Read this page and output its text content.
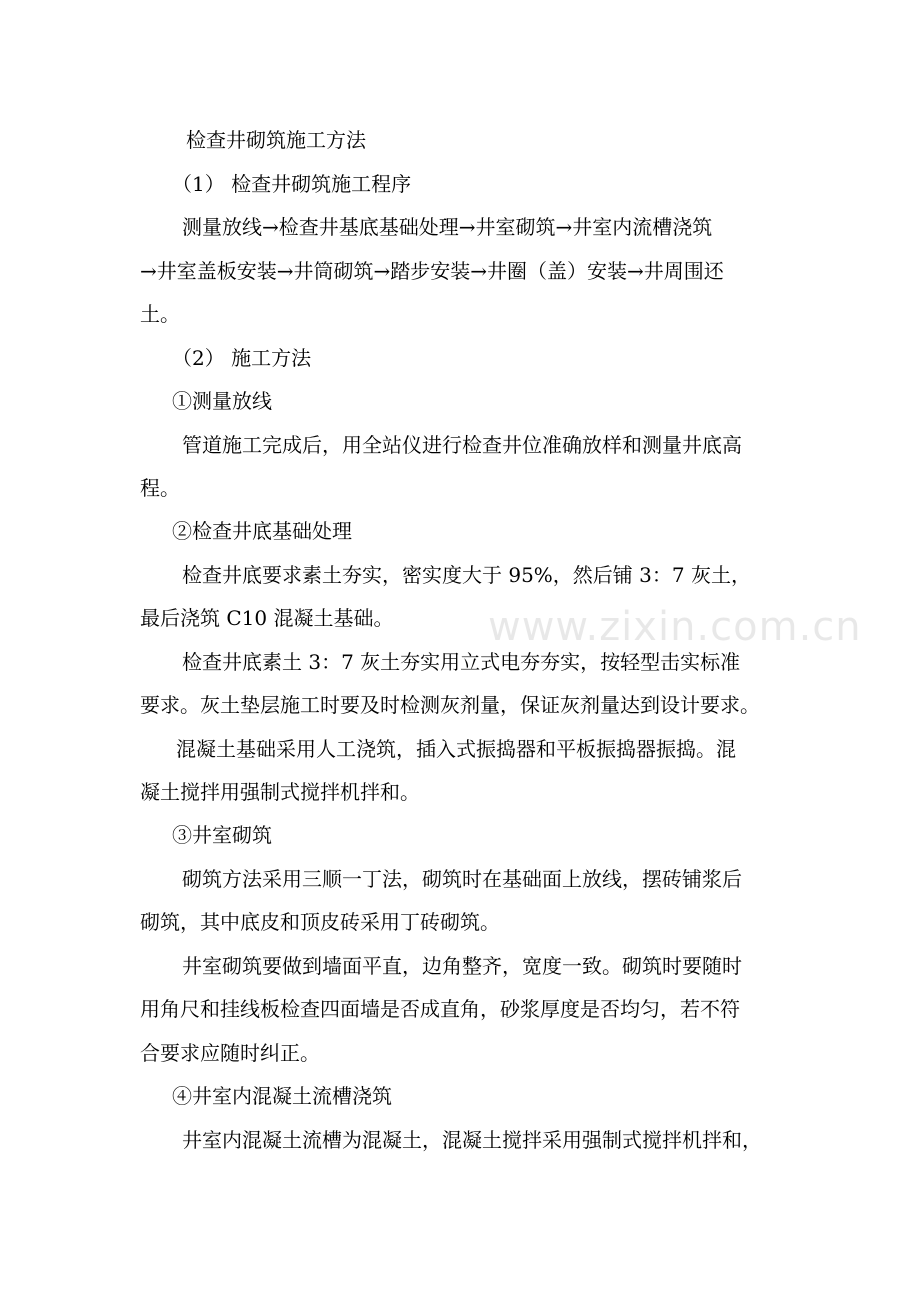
检查井砌筑施工方法

（1） 检查井砌筑施工程序

测量放线→检查井基底基础处理→井室砌筑→井室内流槽浇筑

→井室盖板安装→井筒砌筑→踏步安装→井圈（盖）安装→井周围还

土。

（2） 施工方法

①测量放线

管道施工完成后，用全站仪进行检查井位准确放样和测量井底高

程。

②检查井底基础处理

检查井底要求素土夯实，密实度大于 95%，然后铺 3：7 灰土，

最后浇筑 C10 混凝土基础。

检查井底素土 3：7 灰土夯实用立式电夯夯实，按轻型击实标准

要求。灰土垫层施工时要及时检测灰剂量，保证灰剂量达到设计要求。

混凝土基础采用人工浇筑，插入式振捣器和平板振捣器振捣。混

凝土搅拌用强制式搅拌机拌和。

③井室砌筑

砌筑方法采用三顺一丁法，砌筑时在基础面上放线，摆砖铺浆后

砌筑，其中底皮和顶皮砖采用丁砖砌筑。

井室砌筑要做到墙面平直，边角整齐，宽度一致。砌筑时要随时

用角尺和挂线板检查四面墙是否成直角，砂浆厚度是否均匀，若不符

合要求应随时纠正。

④井室内混凝土流槽浇筑

井室内混凝土流槽为混凝土，混凝土搅拌采用强制式搅拌机拌和，

www.zixin.com.cn
